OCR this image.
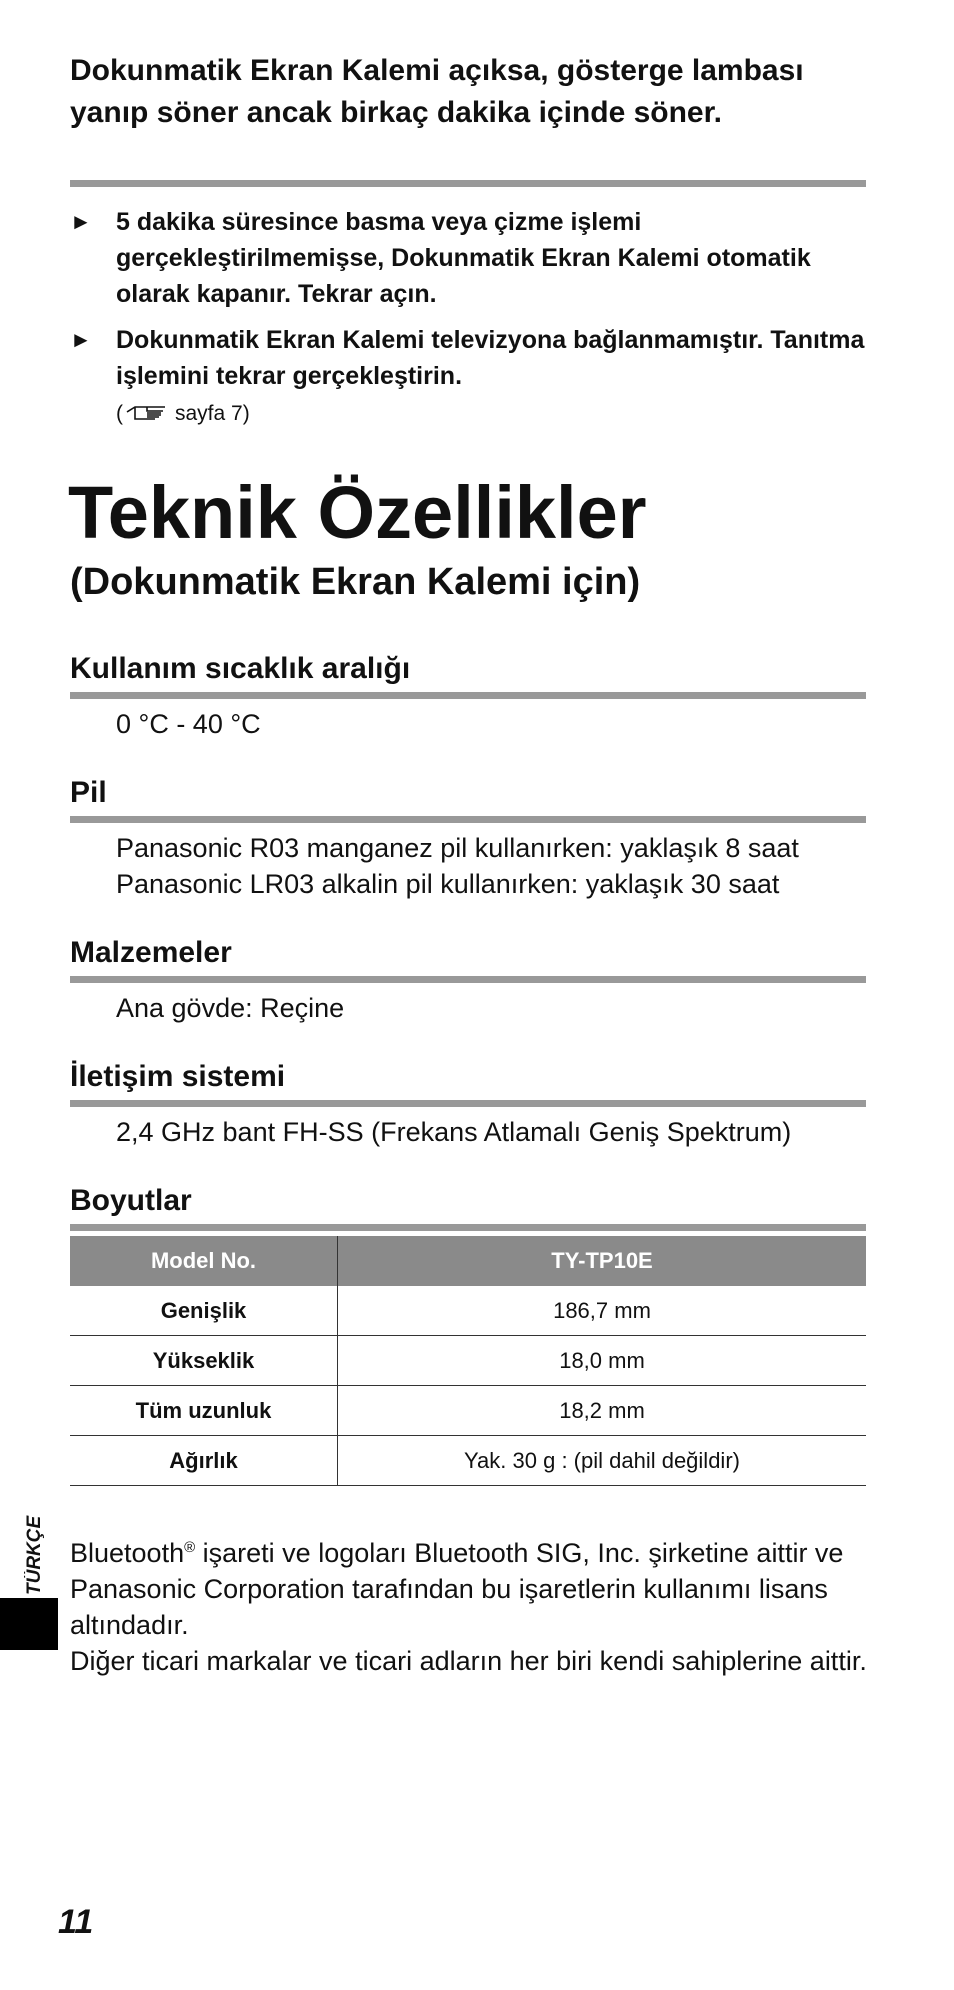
Dokunmatik Ekran Kalemi açıksa, gösterge lambası yanıp söner ancak birkaç dakika içinde söner.
► 5 dakika süresince basma veya çizme işlemi gerçekleştirilmemişse, Dokunmatik Ekran Kalemi otomatik olarak kapanır. Tekrar açın.
► Dokunmatik Ekran Kalemi televizyona bağlanmamıştır. Tanıtma işlemini tekrar gerçekleştirin.
( sayfa 7)
Teknik Özellikler
(Dokunmatik Ekran Kalemi için)
Kullanım sıcaklık aralığı
0 °C - 40 °C
Pil
Panasonic R03 manganez pil kullanırken: yaklaşık 8 saat
Panasonic LR03 alkalin pil kullanırken: yaklaşık 30 saat
Malzemeler
Ana gövde: Reçine
İletişim sistemi
2,4 GHz bant FH-SS (Frekans Atlamalı Geniş Spektrum)
Boyutlar
Model No.	TY-TP10E
Genişlik	186,7 mm
Yükseklik	18,0 mm
Tüm uzunluk	18,2 mm
Ağırlık	Yak. 30 g : (pil dahil değildir)
Bluetooth® işareti ve logoları Bluetooth SIG, Inc. şirketine aittir ve Panasonic Corporation tarafından bu işaretlerin kullanımı lisans altındadır.
Diğer ticari markalar ve ticari adların her biri kendi sahiplerine aittir.
TÜRKÇE
11
